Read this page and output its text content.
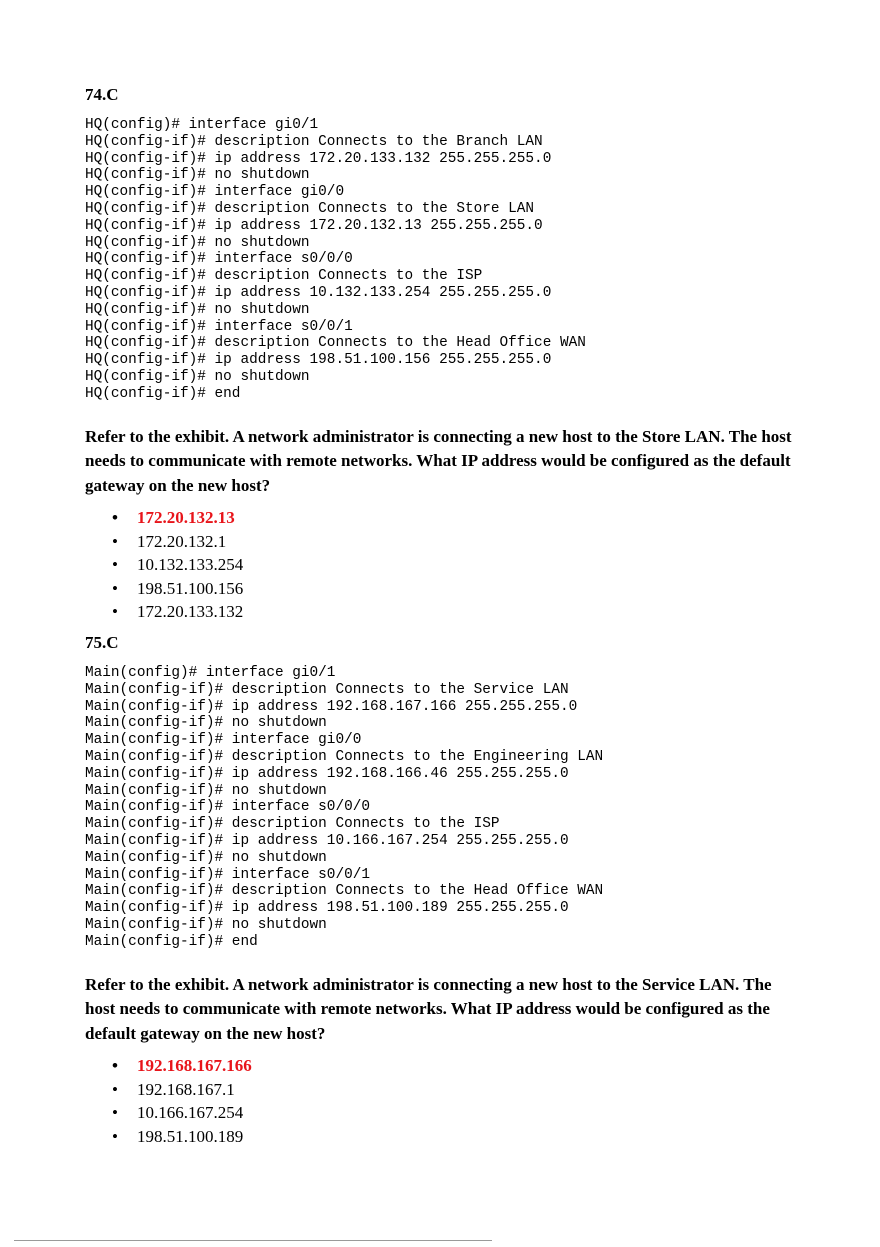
74.C
HQ(config)# interface gi0/1
HQ(config-if)# description Connects to the Branch LAN
HQ(config-if)# ip address 172.20.133.132 255.255.255.0
HQ(config-if)# no shutdown
HQ(config-if)# interface gi0/0
HQ(config-if)# description Connects to the Store LAN
HQ(config-if)# ip address 172.20.132.13 255.255.255.0
HQ(config-if)# no shutdown
HQ(config-if)# interface s0/0/0
HQ(config-if)# description Connects to the ISP
HQ(config-if)# ip address 10.132.133.254 255.255.255.0
HQ(config-if)# no shutdown
HQ(config-if)# interface s0/0/1
HQ(config-if)# description Connects to the Head Office WAN
HQ(config-if)# ip address 198.51.100.156 255.255.255.0
HQ(config-if)# no shutdown
HQ(config-if)# end

Refer to the exhibit. A network administrator is connecting a new host to the Store LAN. The host needs to communicate with remote networks. What IP address would be configured as the default gateway on the new host?

• 172.20.132.13
• 172.20.132.1
• 10.132.133.254
• 198.51.100.156
• 172.20.133.132
75.C
Main(config)# interface gi0/1
Main(config-if)# description Connects to the Service LAN
Main(config-if)# ip address 192.168.167.166 255.255.255.0
Main(config-if)# no shutdown
Main(config-if)# interface gi0/0
Main(config-if)# description Connects to the Engineering LAN
Main(config-if)# ip address 192.168.166.46 255.255.255.0
Main(config-if)# no shutdown
Main(config-if)# interface s0/0/0
Main(config-if)# description Connects to the ISP
Main(config-if)# ip address 10.166.167.254 255.255.255.0
Main(config-if)# no shutdown
Main(config-if)# interface s0/0/1
Main(config-if)# description Connects to the Head Office WAN
Main(config-if)# ip address 198.51.100.189 255.255.255.0
Main(config-if)# no shutdown
Main(config-if)# end

Refer to the exhibit. A network administrator is connecting a new host to the Service LAN. The host needs to communicate with remote networks. What IP address would be configured as the default gateway on the new host?

• 192.168.167.166
• 192.168.167.1
• 10.166.167.254
• 198.51.100.189
